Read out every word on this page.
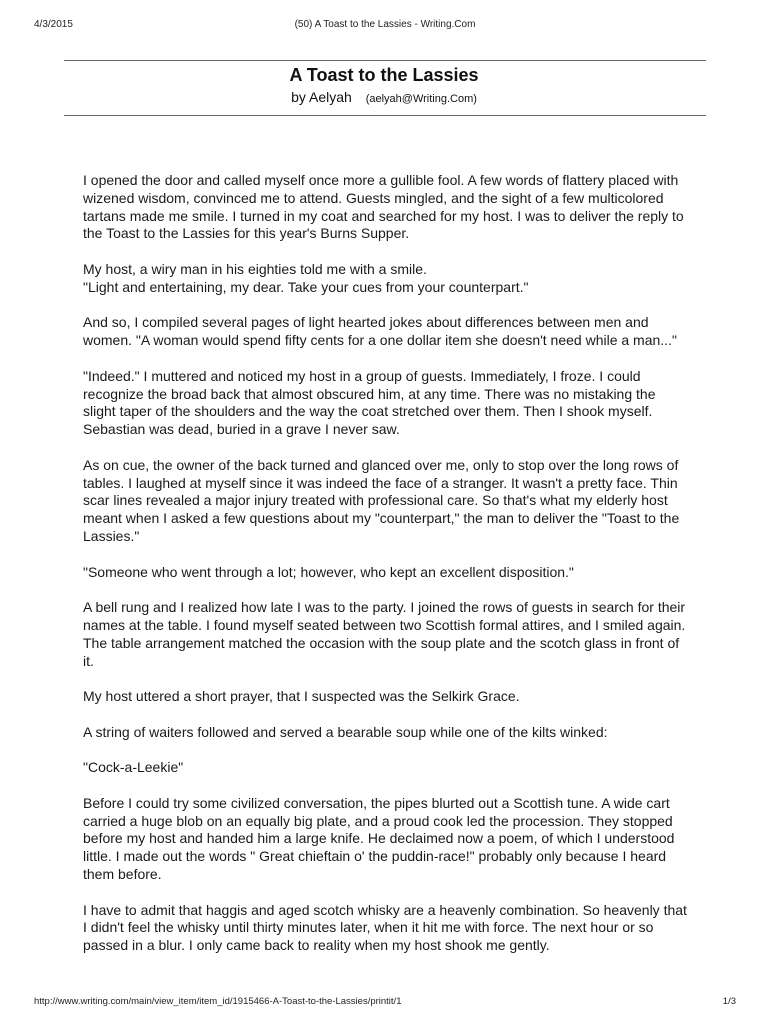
4/3/2015	(50) A Toast to the Lassies - Writing.Com
A Toast to the Lassies
by Aelyah (aelyah@Writing.Com)

I opened the door and called myself once more a gullible fool. A few words of flattery placed with wizened wisdom, convinced me to attend. Guests mingled, and the sight of a few multicolored tartans made me smile. I turned in my coat and searched for my host. I was to deliver the reply to the Toast to the Lassies for this year's Burns Supper.

My host, a wiry man in his eighties told me with a smile.
"Light and entertaining, my dear. Take your cues from your counterpart."

And so, I compiled several pages of light hearted jokes about differences between men and women. "A woman would spend fifty cents for a one dollar item she doesn't need while a man..."

"Indeed." I muttered and noticed my host in a group of guests. Immediately, I froze. I could recognize the broad back that almost obscured him, at any time. There was no mistaking the slight taper of the shoulders and the way the coat stretched over them. Then I shook myself. Sebastian was dead, buried in a grave I never saw.

As on cue, the owner of the back turned and glanced over me, only to stop over the long rows of tables. I laughed at myself since it was indeed the face of a stranger. It wasn't a pretty face. Thin scar lines revealed a major injury treated with professional care. So that's what my elderly host meant when I asked a few questions about my "counterpart," the man to deliver the "Toast to the Lassies."

"Someone who went through a lot; however, who kept an excellent disposition."

A bell rung and I realized how late I was to the party. I joined the rows of guests in search for their names at the table. I found myself seated between two Scottish formal attires, and I smiled again. The table arrangement matched the occasion with the soup plate and the scotch glass in front of it.

My host uttered a short prayer, that I suspected was the Selkirk Grace.

A string of waiters followed and served a bearable soup while one of the kilts winked:

"Cock-a-Leekie"

Before I could try some civilized conversation, the pipes blurted out a Scottish tune. A wide cart carried a huge blob on an equally big plate, and a proud cook led the procession. They stopped before my host and handed him a large knife. He declaimed now a poem, of which I understood little. I made out the words " Great chieftain o' the puddin-race!" probably only because I heard them before.

I have to admit that haggis and aged scotch whisky are a heavenly combination. So heavenly that I didn't feel the whisky until thirty minutes later, when it hit me with force. The next hour or so passed in a blur. I only came back to reality when my host shook me gently.

http://www.writing.com/main/view_item/item_id/1915466-A-Toast-to-the-Lassies/printit/1	1/3
